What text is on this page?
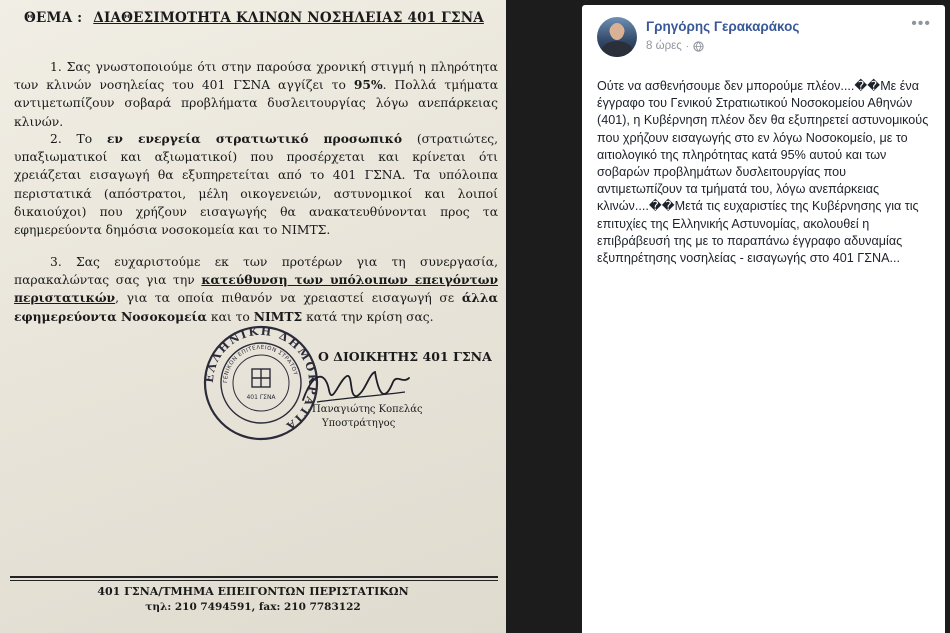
ΘΕΜΑ : ΔΙΑΘΕΣΙΜΟΤΗΤΑ ΚΛΙΝΩΝ ΝΟΣΗΛΕΙΑΣ 401 ΓΣΝΑ
1. Σας γνωστοποιούμε ότι στην παρούσα χρονική στιγμή η πληρότητα των κλινών νοσηλείας του 401 ΓΣΝΑ αγγίζει το 95%. Πολλά τμήματα αντιμετωπίζουν σοβαρά προβλήματα δυσλειτουργίας λόγω ανεπάρκειας κλινών.
2. Το εν ενεργεία στρατιωτικό προσωπικό (στρατιώτες, υπαξιωματικοί και αξιωματικοί) που προσέρχεται και κρίνεται ότι χρειάζεται εισαγωγή θα εξυπηρετείται από το 401 ΓΣΝΑ. Τα υπόλοιπα περιστατικά (απόστρατοι, μέλη οικογενειών, αστυνομικοί και λοιποί δικαιούχοι) που χρήζουν εισαγωγής θα ανακατευθύνονται προς τα εφημερεύοντα δημόσια νοσοκομεία και το ΝΙΜΤΣ.
3. Σας ευχαριστούμε εκ των προτέρων για τη συνεργασία, παρακαλώντας σας για την κατεύθυνση των υπόλοιπων επειγόντων περιστατικών, για τα οποία πιθανόν να χρειαστεί εισαγωγή σε άλλα εφημερεύοντα Νοσοκομεία και το ΝΙΜΤΣ κατά την κρίση σας.
ΕΛΛΗΝΙΚΗ ΔΗΜΟΚΡΑΤΙΑ
ΓΕΝΙΚΟΝ ΕΠΙΤΕΛΕΙΟΝ ΣΤΡΑΤΟΥ
401 ΓΣΝΑ
Ο ΔΙΟΙΚΗΤΗΣ 401 ΓΣΝΑ
Παναγιώτης Κοπελάς
Υποστράτηγος
401 ΓΣΝΑ/ΤΜΗΜΑ ΕΠΕΙΓΟΝΤΩΝ ΠΕΡΙΣΤΑΤΙΚΩΝ
τηλ: 210 7494591, fax: 210 7783122
Γρηγόρης Γερακαράκος
8 ώρες ·
•••
Ούτε να ασθενήσουμε δεν μπορούμε πλέον....��Με ένα έγγραφο του Γενικού Στρατιωτικού Νοσοκομείου Αθηνών (401), η Κυβέρνηση πλέον δεν θα εξυπηρετεί αστυνομικούς που χρήζουν εισαγωγής στο εν λόγω Νοσοκομείο, με το αιτιολογικό της πληρότητας κατά 95% αυτού και των σοβαρών προβλημάτων δυσλειτουργίας που αντιμετωπίζουν τα τμήματά του, λόγω ανεπάρκειας κλινών....��Μετά τις ευχαριστίες της Κυβέρνησης για τις επιτυχίες της Ελληνικής Αστυνομίας, ακολουθεί η επιβράβευσή της με το παραπάνω έγγραφο αδυναμίας εξυπηρέτησης νοσηλείας - εισαγωγής στο 401 ΓΣΝΑ...
